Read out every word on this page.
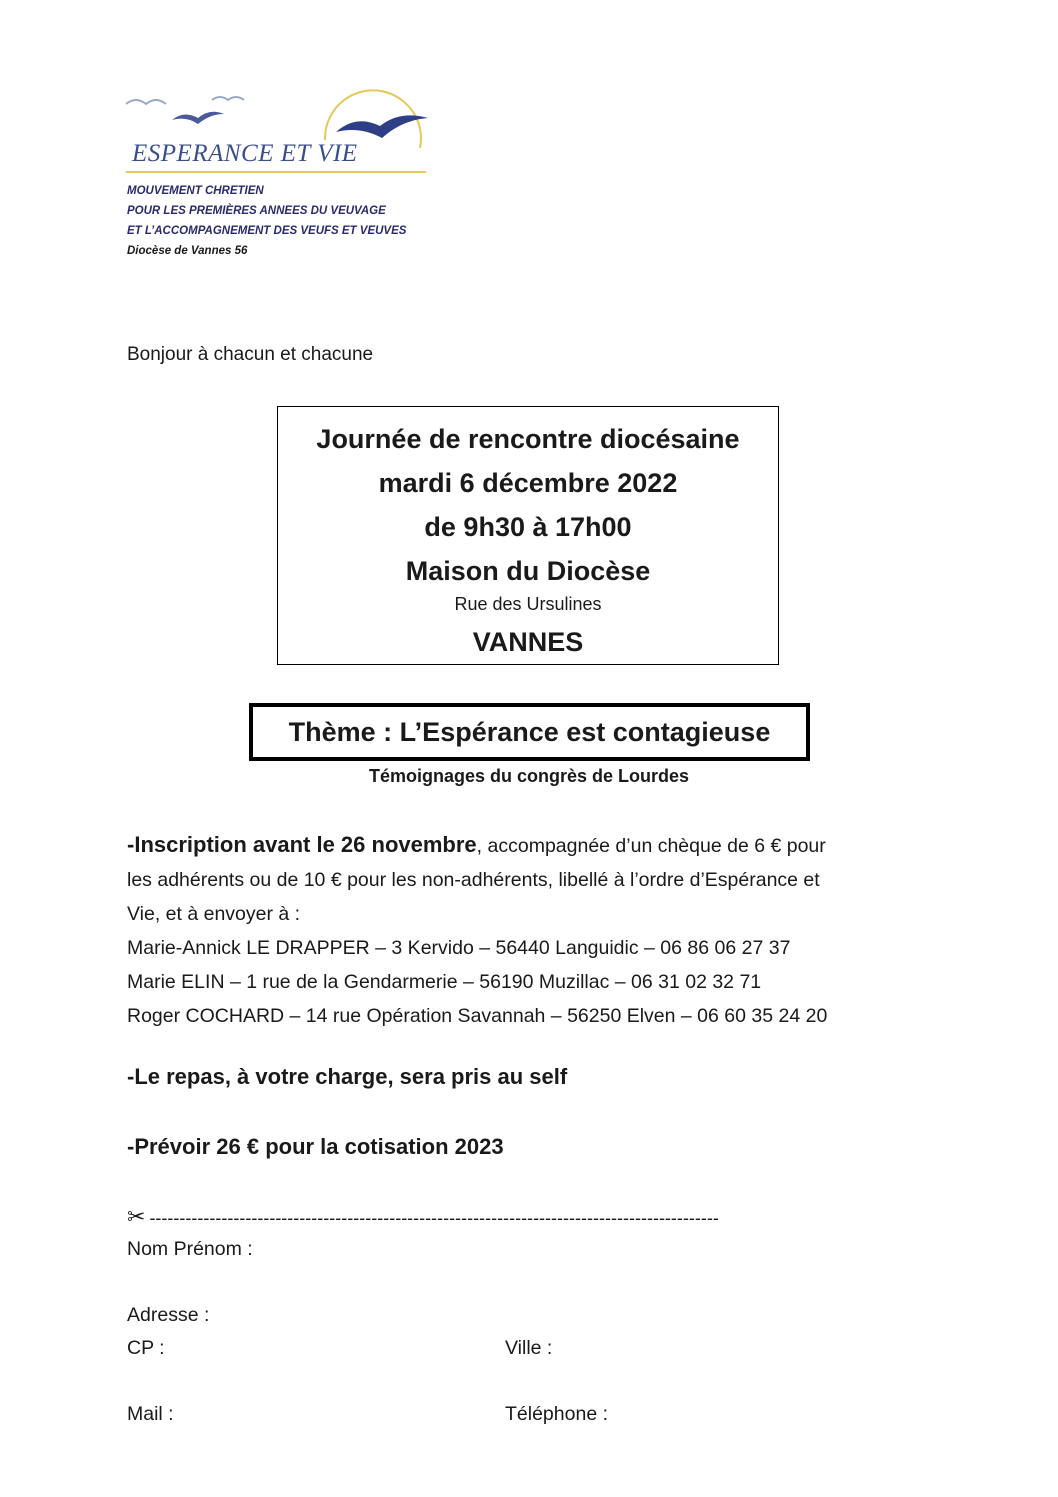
ESPERANCE ET VIE
MOUVEMENT CHRETIEN
POUR LES PREMIÈRES ANNEES DU VEUVAGE
ET L’ACCOMPAGNEMENT DES VEUFS ET VEUVES
Diocèse de Vannes 56
Bonjour à chacun et chacune
Journée de rencontre diocésaine
mardi 6 décembre 2022
de 9h30 à 17h00
Maison du Diocèse
Rue des Ursulines
VANNES
Thème : L’Espérance est contagieuse
Témoignages du congrès de Lourdes
-Inscription avant le 26 novembre, accompagnée d’un chèque de 6 € pour
les adhérents ou de 10 € pour les non-adhérents, libellé à l’ordre d’Espérance et
Vie, et à envoyer à :
Marie-Annick LE DRAPPER – 3 Kervido – 56440 Languidic – 06 86 06 27 37
Marie ELIN – 1 rue de la Gendarmerie – 56190 Muzillac – 06 31 02 32 71
Roger COCHARD – 14 rue Opération Savannah – 56250 Elven – 06 60 35 24 20
-Le repas, à votre charge, sera pris au self
-Prévoir 26 € pour la cotisation 2023
✂ -----------------------------------------------------------------------------------------------
Nom Prénom :
Adresse :
CP :	Ville :
Mail :	Téléphone :
